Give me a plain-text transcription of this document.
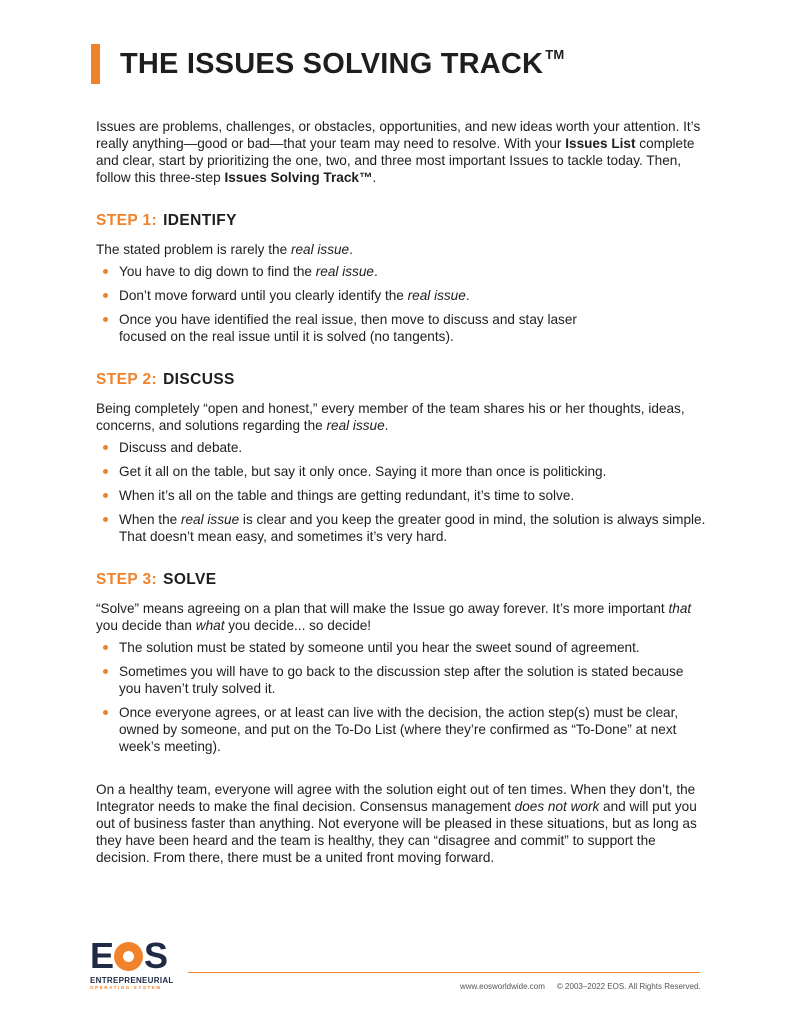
THE ISSUES SOLVING TRACK ™

Issues are problems, challenges, or obstacles, opportunities, and new ideas worth your attention. It’s really anything—good or bad—that your team may need to resolve. With your Issues List complete and clear, start by prioritizing the one, two, and three most important Issues to tackle today. Then, follow this three-step Issues Solving Track™.

STEP 1: IDENTIFY

The stated problem is rarely the real issue.

You have to dig down to find the real issue.
Don’t move forward until you clearly identify the real issue.
Once you have identified the real issue, then move to discuss and stay laser
focused on the real issue until it is solved (no tangents).
STEP 2: DISCUSS

Being completely “open and honest,” every member of the team shares his or her thoughts, ideas, concerns, and solutions regarding the real issue.

Discuss and debate.
Get it all on the table, but say it only once. Saying it more than once is politicking.
When it’s all on the table and things are getting redundant, it’s time to solve.
When the real issue is clear and you keep the greater good in mind, the solution is always simple. That doesn’t mean easy, and sometimes it’s very hard.
STEP 3: SOLVE

“Solve” means agreeing on a plan that will make the Issue go away forever. It’s more important that you decide than what you decide... so decide!

The solution must be stated by someone until you hear the sweet sound of agreement.
Sometimes you will have to go back to the discussion step after the solution is stated because you haven’t truly solved it.
Once everyone agrees, or at least can live with the decision, the action step(s) must be clear, owned by someone, and put on the To-Do List (where they’re confirmed as “To-Done” at next week’s meeting).

On a healthy team, everyone will agree with the solution eight out of ten times. When they don’t, the Integrator needs to make the final decision. Consensus management does not work and will put you out of business faster than anything. Not everyone will be pleased in these situations, but as long as they have been heard and the team is healthy, they can “disagree and commit” to support the decision. From there, there must be a united front moving forward.

E S
ENTREPRENEURIAL
OPERATING SYSTEM	www.eosworldwide.com © 2003–2022 EOS. All Rights Reserved.
